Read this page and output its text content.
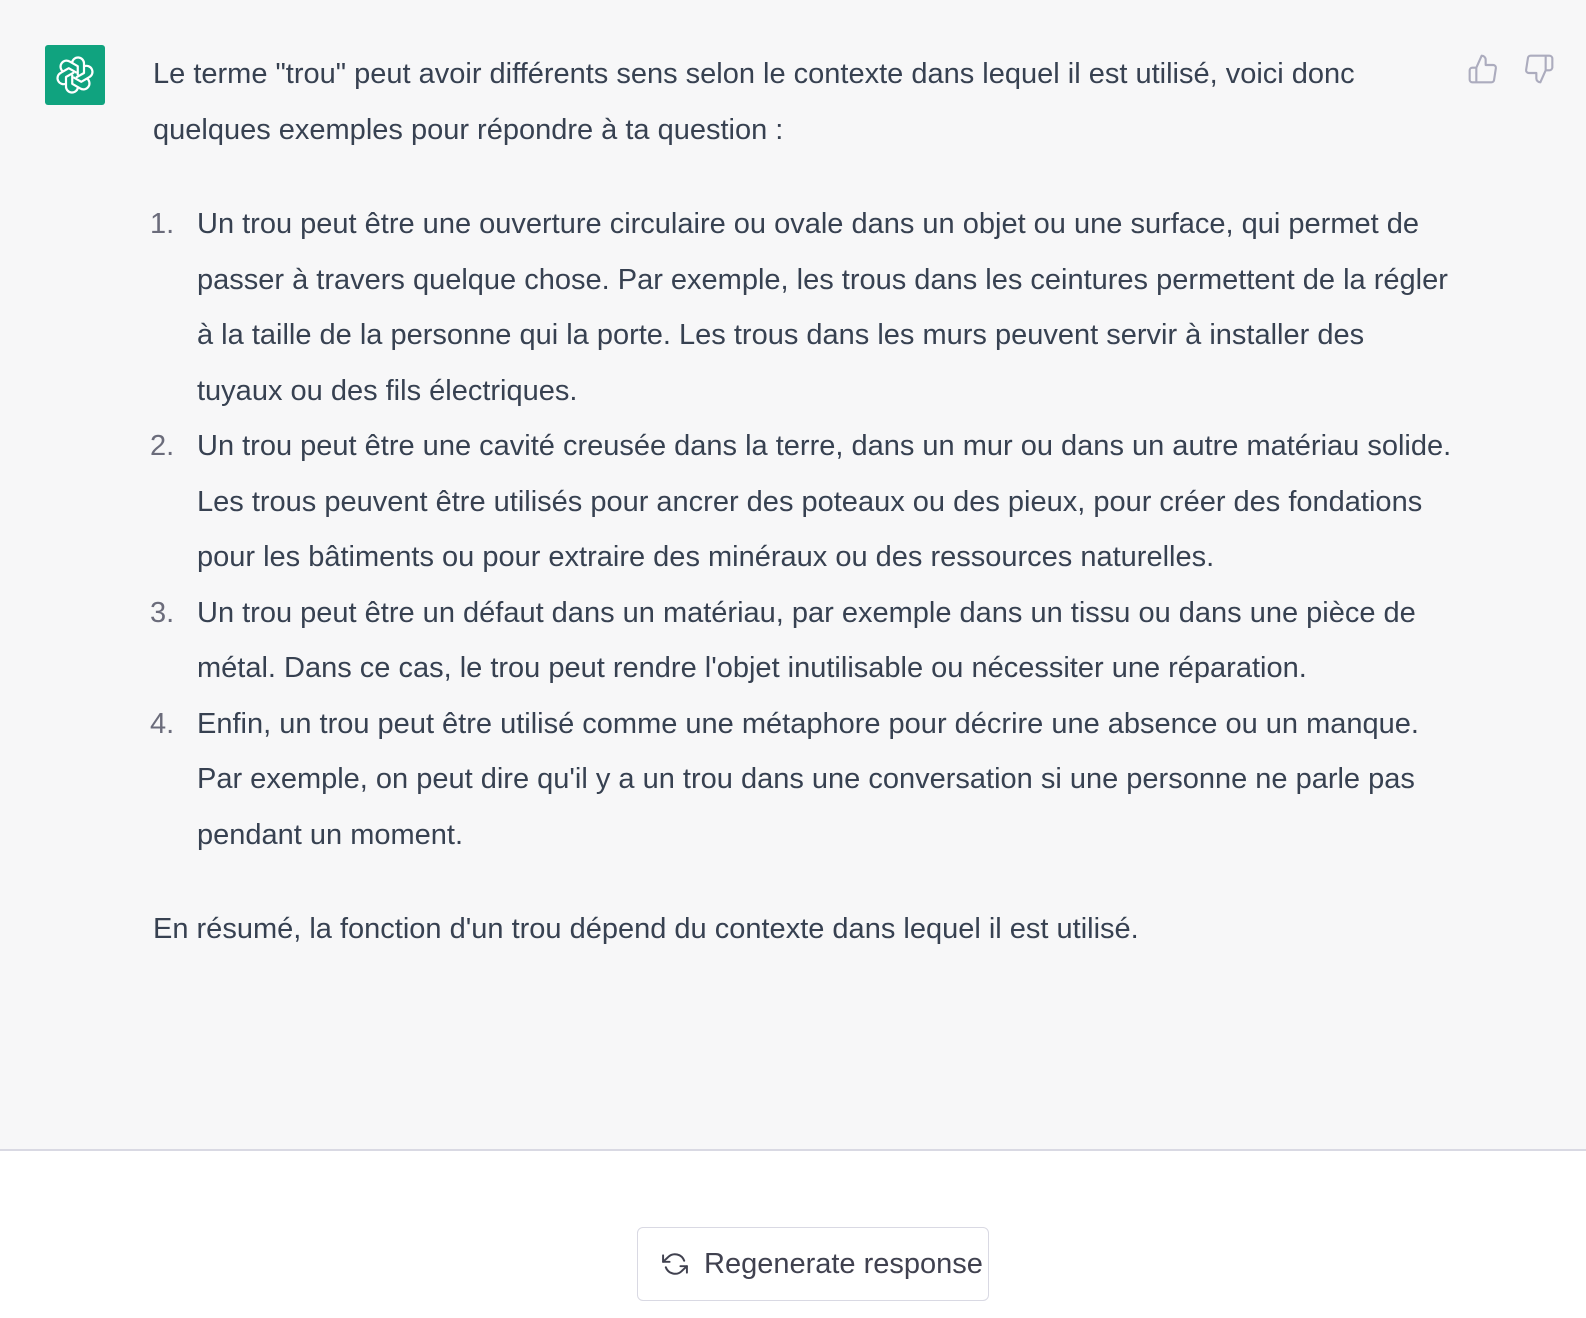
Le terme "trou" peut avoir différents sens selon le contexte dans lequel il est utilisé, voici donc quelques exemples pour répondre à ta question :

1. Un trou peut être une ouverture circulaire ou ovale dans un objet ou une surface, qui permet de passer à travers quelque chose. Par exemple, les trous dans les ceintures permettent de la régler à la taille de la personne qui la porte. Les trous dans les murs peuvent servir à installer des tuyaux ou des fils électriques.
2. Un trou peut être une cavité creusée dans la terre, dans un mur ou dans un autre matériau solide. Les trous peuvent être utilisés pour ancrer des poteaux ou des pieux, pour créer des fondations pour les bâtiments ou pour extraire des minéraux ou des ressources naturelles.
3. Un trou peut être un défaut dans un matériau, par exemple dans un tissu ou dans une pièce de métal. Dans ce cas, le trou peut rendre l'objet inutilisable ou nécessiter une réparation.
4. Enfin, un trou peut être utilisé comme une métaphore pour décrire une absence ou un manque. Par exemple, on peut dire qu'il y a un trou dans une conversation si une personne ne parle pas pendant un moment.

En résumé, la fonction d'un trou dépend du contexte dans lequel il est utilisé.

Regenerate response
